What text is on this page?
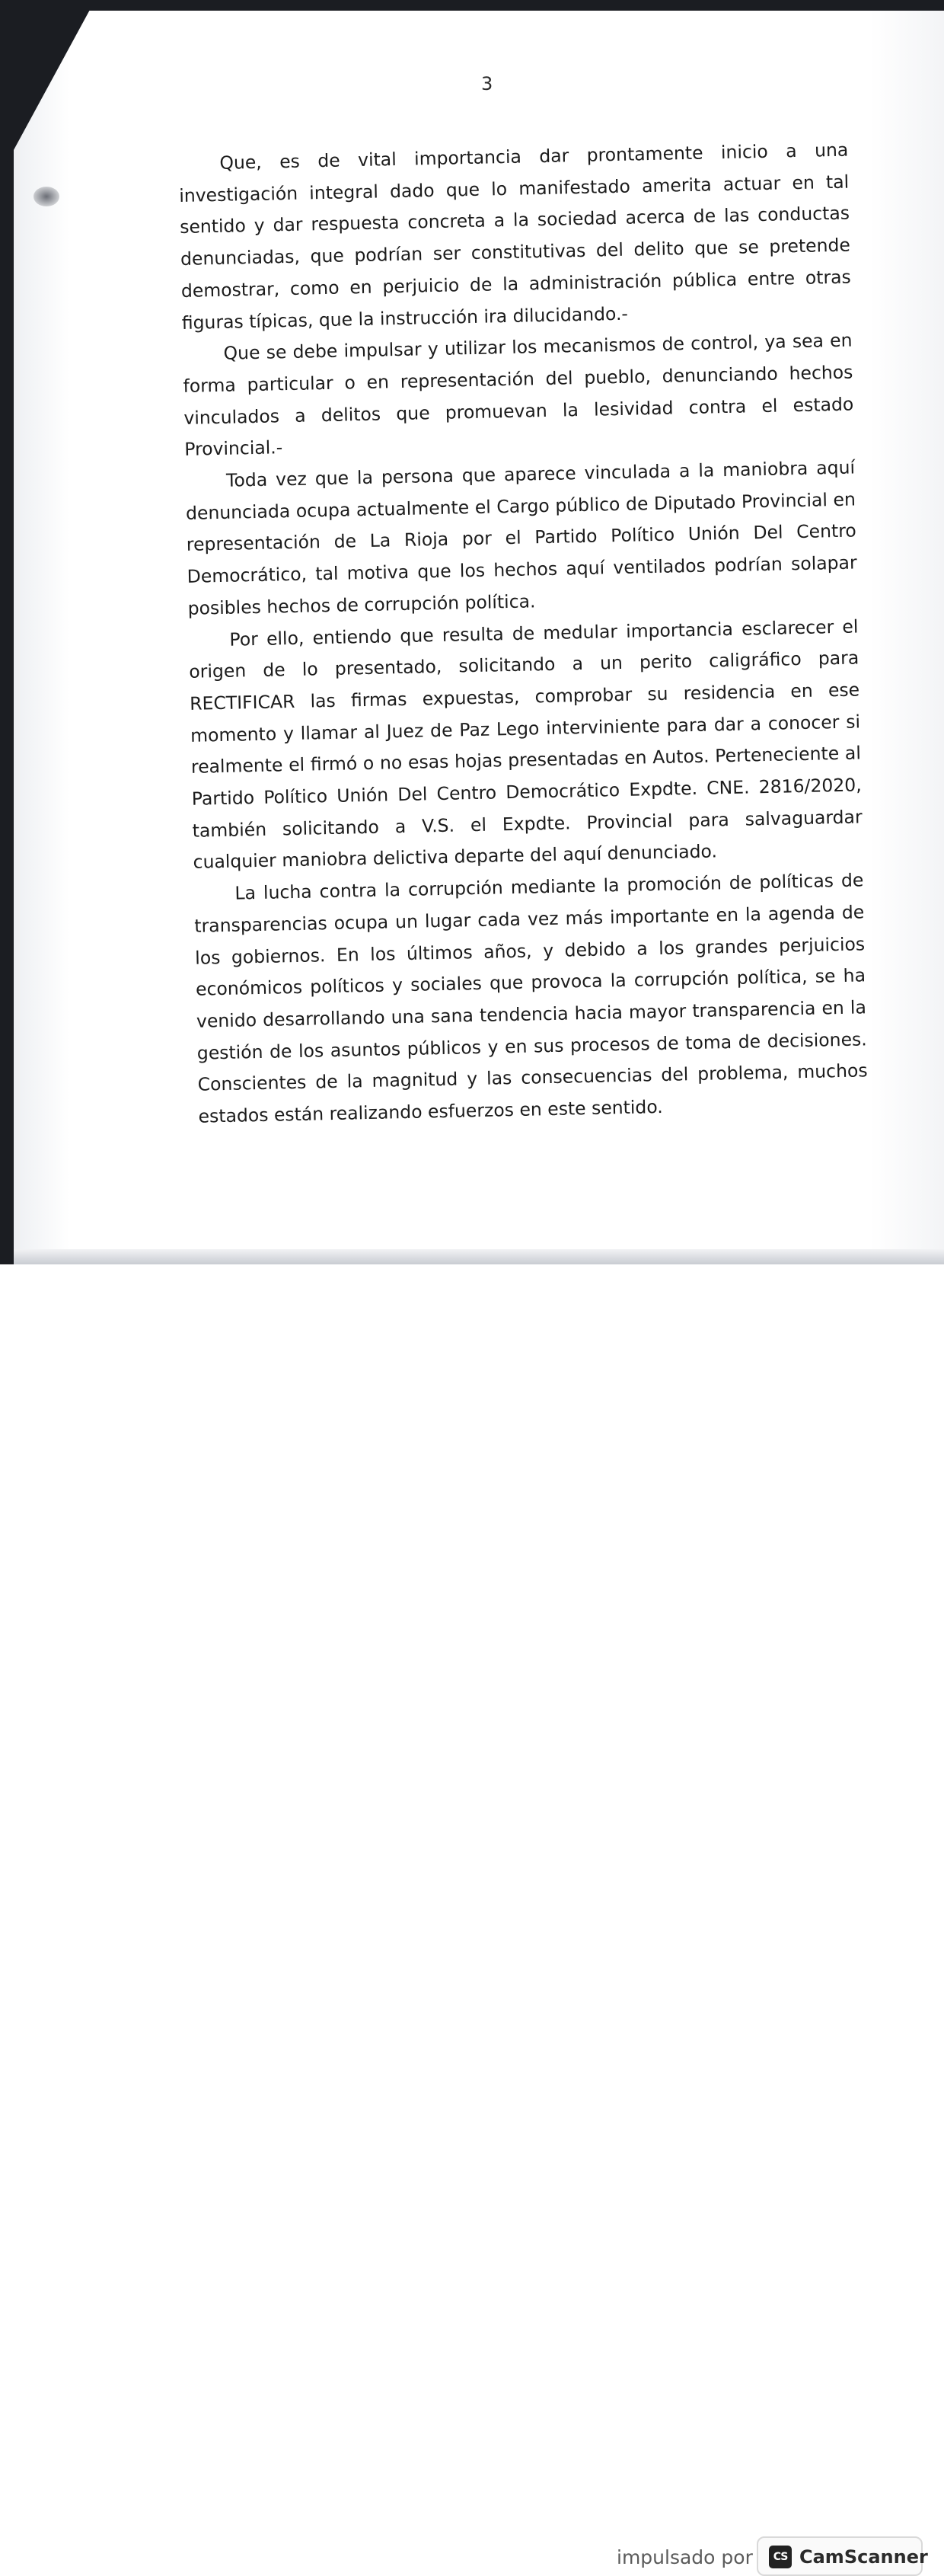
3

Que, es de vital importancia dar prontamente inicio a una investigación integral dado que lo manifestado amerita actuar en tal sentido y dar respuesta concreta a la sociedad acerca de las conductas denunciadas, que podrían ser constitutivas del delito que se pretende demostrar, como en perjuicio de la administración pública entre otras figuras típicas, que la instrucción ira dilucidando.-

Que se debe impulsar y utilizar los mecanismos de control, ya sea en forma particular o en representación del pueblo, denunciando hechos vinculados a delitos que promuevan la lesividad contra el estado Provincial.-

Toda vez que la persona que aparece vinculada a la maniobra aquí denunciada ocupa actualmente el Cargo público de Diputado Provincial en representación de La Rioja por el Partido Político Unión Del Centro Democrático, tal motiva que los hechos aquí ventilados podrían solapar posibles hechos de corrupción política.

Por ello, entiendo que resulta de medular importancia esclarecer el origen de lo presentado, solicitando a un perito caligráfico para RECTIFICAR las firmas expuestas, comprobar su residencia en ese momento y llamar al Juez de Paz Lego interviniente para dar a conocer si realmente el firmó o no esas hojas presentadas en Autos. Perteneciente al Partido Político Unión Del Centro Democrático Expdte. CNE. 2816/2020, también solicitando a V.S. el Expdte. Provincial para salvaguardar cualquier maniobra delictiva departe del aquí denunciado.

La lucha contra la corrupción mediante la promoción de políticas de transparencias ocupa un lugar cada vez más importante en la agenda de los gobiernos. En los últimos años, y debido a los grandes perjuicios económicos políticos y sociales que provoca la corrupción política, se ha venido desarrollando una sana tendencia hacia mayor transparencia en la gestión de los asuntos públicos y en sus procesos de toma de decisiones. Conscientes de la magnitud y las consecuencias del problema, muchos estados están realizando esfuerzos en este sentido.

impulsado por	CS CamScanner
